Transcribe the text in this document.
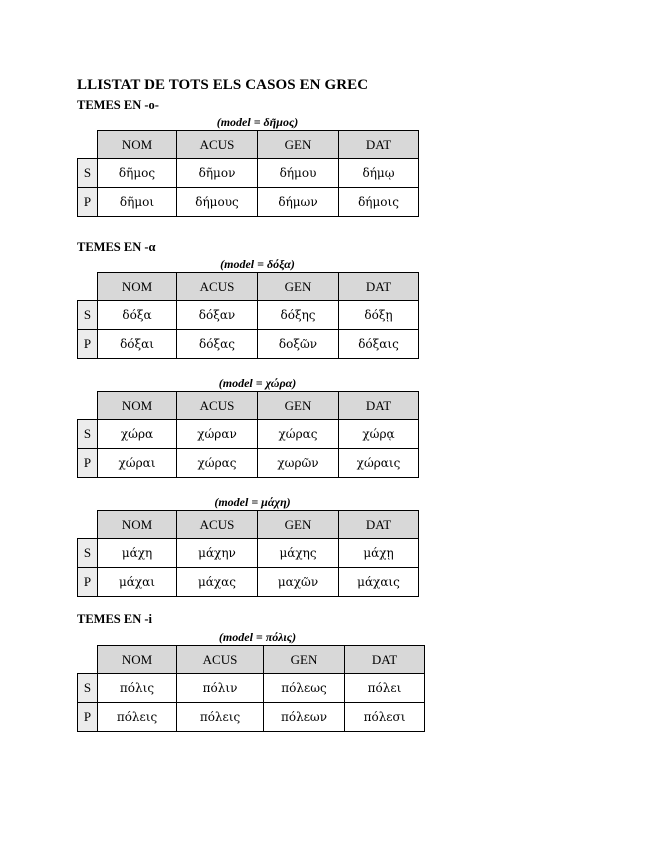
LLISTAT DE TOTS ELS CASOS EN GREC
TEMES EN -o-
TEMES EN -α
TEMES EN -i
(model = δῆμος)
	NOM	ACUS	GEN	DAT
S	δῆμος	δῆμον	δήμου	δήμῳ
P	δῆμοι	δήμους	δήμων	δήμοις
(model = δόξα)
	NOM	ACUS	GEN	DAT
S	δόξα	δόξαν	δόξης	δόξῃ
P	δόξαι	δόξας	δοξῶν	δόξαις
(model = χώρα)
	NOM	ACUS	GEN	DAT
S	χώρα	χώραν	χώρας	χώρᾳ
P	χώραι	χώρας	χωρῶν	χώραις
(model = μάχη)
	NOM	ACUS	GEN	DAT
S	μάχη	μάχην	μάχης	μάχῃ
P	μάχαι	μάχας	μαχῶν	μάχαις
(model = πόλις)
	NOM	ACUS	GEN	DAT
S	πόλις	πόλιν	πόλεως	πόλει
P	πόλεις	πόλεις	πόλεων	πόλεσι
